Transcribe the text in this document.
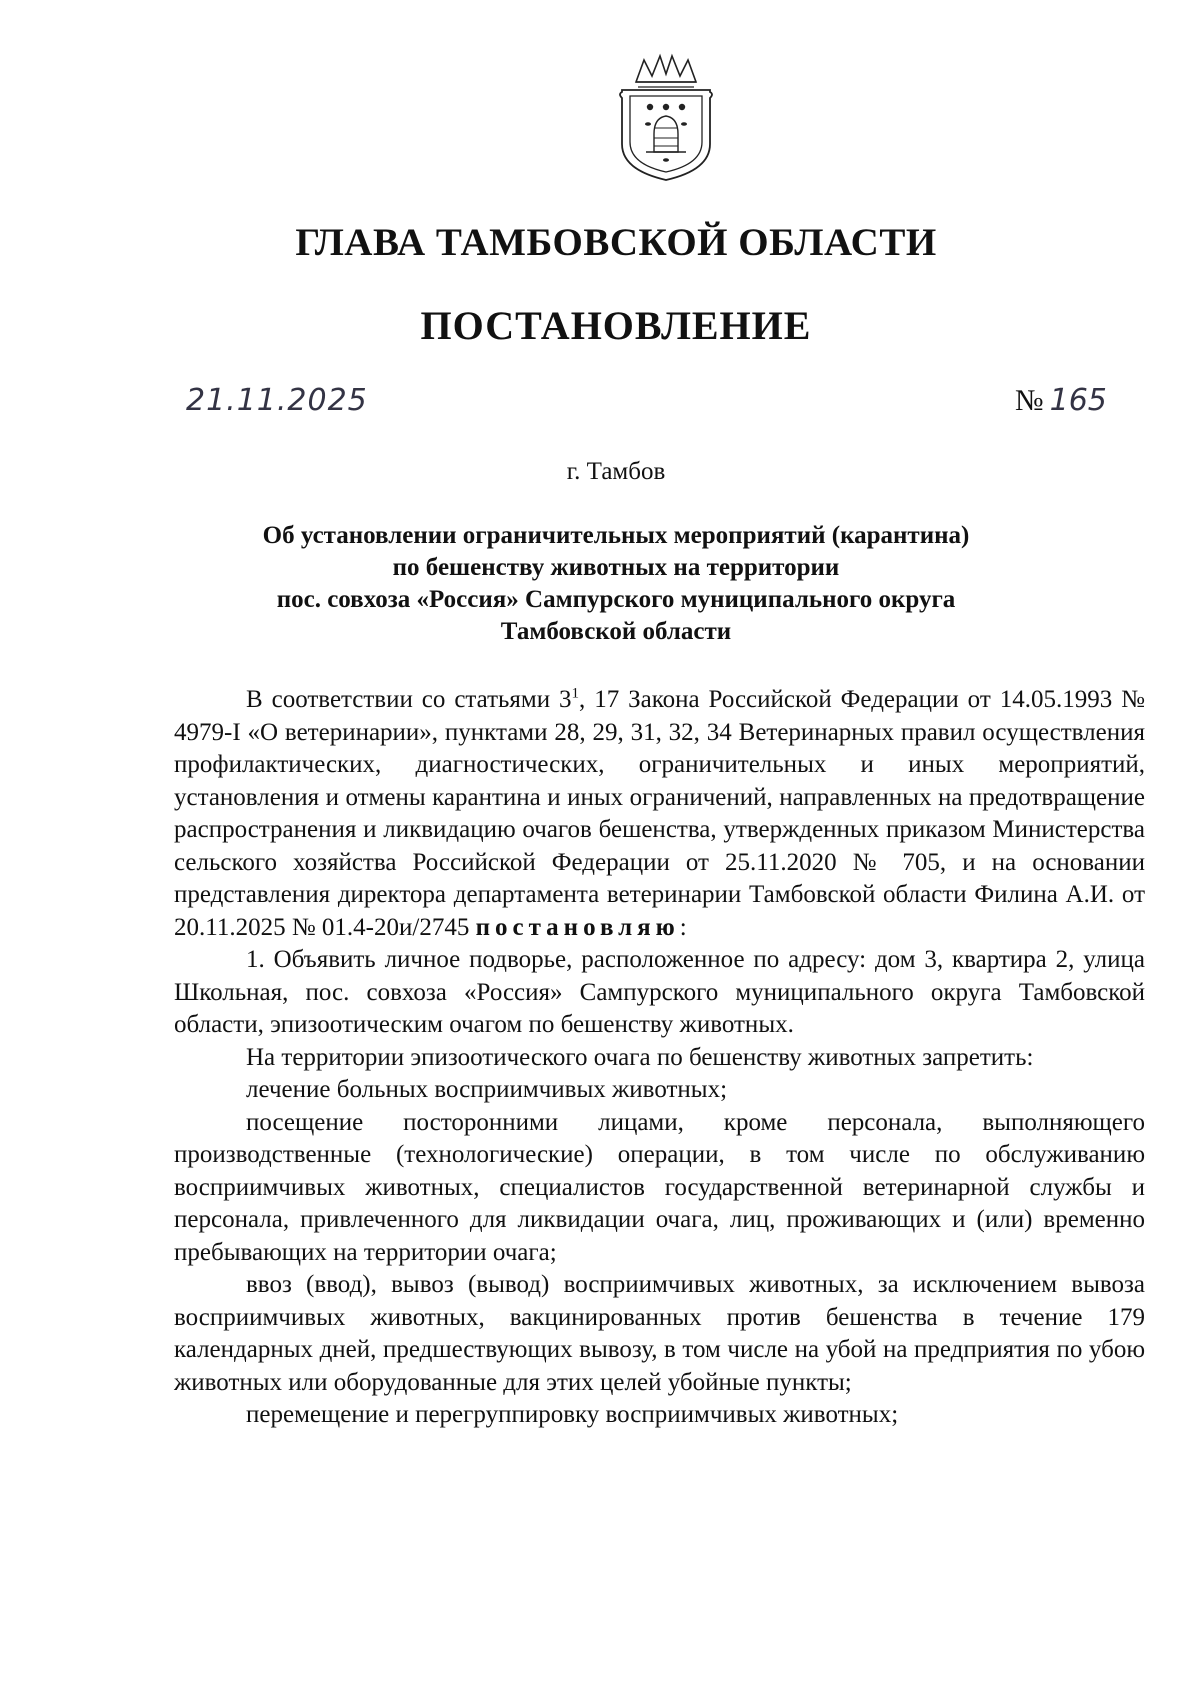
ГЛАВА ТАМБОВСКОЙ ОБЛАСТИ
ПОСТАНОВЛЕНИЕ
21.11.2025	№ 165
г. Тамбов
Об установлении ограничительных мероприятий (карантина)
по бешенству животных на территории
пос. совхоза «Россия» Сампурского муниципального округа
Тамбовской области

В соответствии со статьями $3^1$, 17 Закона Российской Федерации от 14.05.1993 № 4979-I «О ветеринарии», пунктами 28, 29, 31, 32, 34 Ветеринарных правил осуществления профилактических, диагностических, ограничительных и иных мероприятий, установления и отмены карантина и иных ограничений, направленных на предотвращение распространения и ликвидацию очагов бешенства, утвержденных приказом Министерства сельского хозяйства Российской Федерации от 25.11.2020 № 705, и на основании представления директора департамента ветеринарии Тамбовской области Филина А.И. от 20.11.2025 № 01.4-20и/2745 постановляю:

1. Объявить личное подворье, расположенное по адресу: дом 3, квартира 2, улица Школьная, пос. совхоза «Россия» Сампурского муниципального округа Тамбовской области, эпизоотическим очагом по бешенству животных.

На территории эпизоотического очага по бешенству животных запретить:

лечение больных восприимчивых животных;

посещение посторонними лицами, кроме персонала, выполняющего производственные (технологические) операции, в том числе по обслуживанию восприимчивых животных, специалистов государственной ветеринарной службы и персонала, привлеченного для ликвидации очага, лиц, проживающих и (или) временно пребывающих на территории очага;

ввоз (ввод), вывоз (вывод) восприимчивых животных, за исключением вывоза восприимчивых животных, вакцинированных против бешенства в течение 179 календарных дней, предшествующих вывозу, в том числе на убой на предприятия по убою животных или оборудованные для этих целей убойные пункты;

перемещение и перегруппировку восприимчивых животных;
